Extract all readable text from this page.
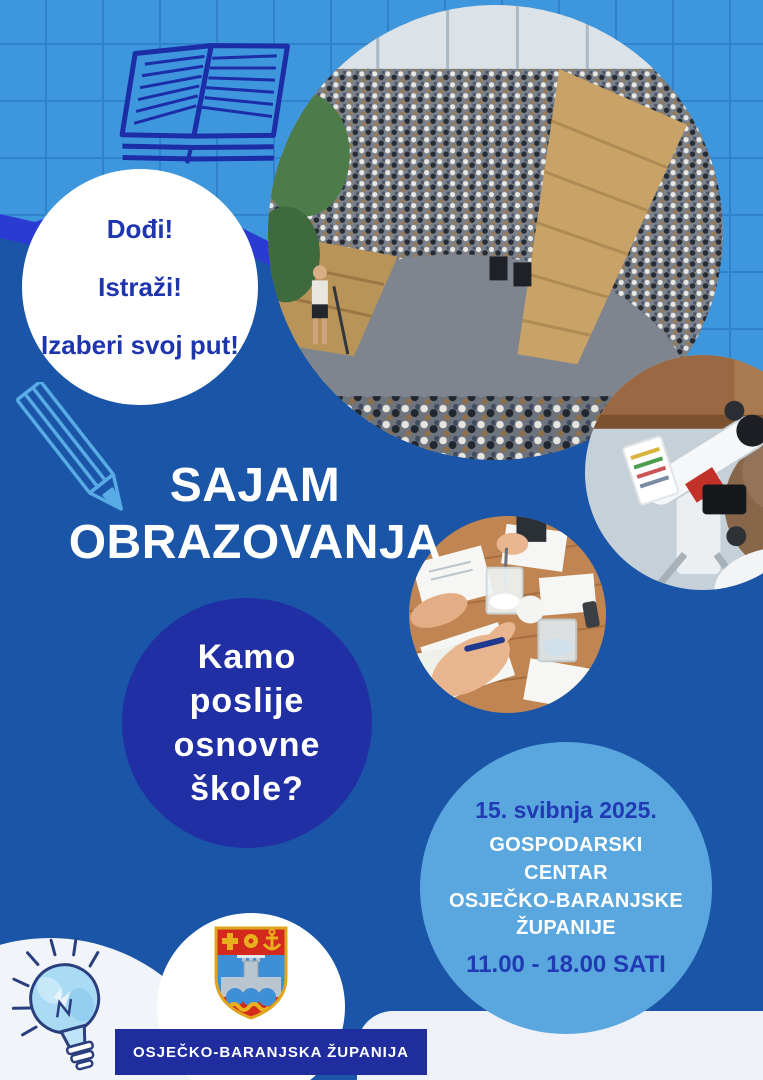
Dođi!
Istraži!
Izaberi svoj put!
SAJAM
OBRAZOVANJA
Kamo
poslije
osnovne
škole?
15. svibnja 2025.
GOSPODARSKI
CENTAR
OSJEČKO-BARANJSKE
ŽUPANIJE
11.00 - 18.00 SATI
OSJEČKO-BARANJSKA ŽUPANIJA
